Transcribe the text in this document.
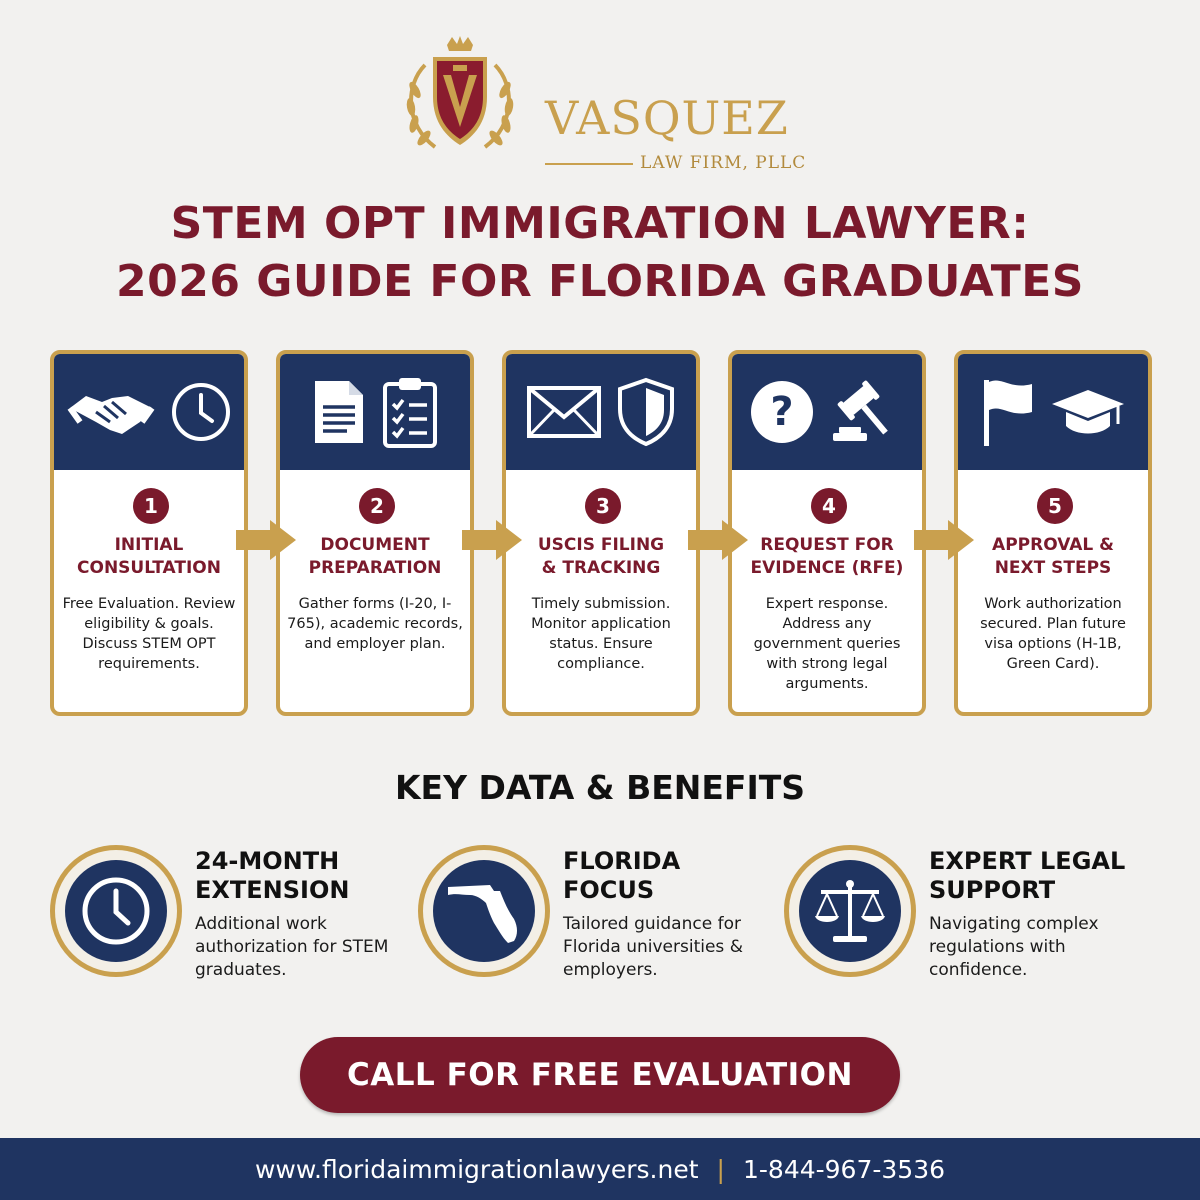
VASQUEZ
LAW FIRM, PLLC
STEM OPT IMMIGRATION LAWYER:
2026 GUIDE FOR FLORIDA GRADUATES
1
INITIAL
CONSULTATION
Free Evaluation. Review eligibility & goals. Discuss STEM OPT requirements.
2
DOCUMENT
PREPARATION
Gather forms (I-20, I-765), academic records, and employer plan.
3
USCIS FILING
& TRACKING
Timely submission. Monitor application status. Ensure compliance.
?
4
REQUEST FOR
EVIDENCE (RFE)
Expert response. Address any government queries with strong legal arguments.
5
APPROVAL &
NEXT STEPS
Work authorization secured. Plan future visa options (H-1B, Green Card).
KEY DATA & BENEFITS
24-MONTH
EXTENSION
Additional work authorization for STEM graduates.
FLORIDA
FOCUS
Tailored guidance for Florida universities & employers.
EXPERT LEGAL
SUPPORT
Navigating complex regulations with confidence.
CALL FOR FREE EVALUATION
www.floridaimmigrationlawyers.net | 1-844-967-3536
